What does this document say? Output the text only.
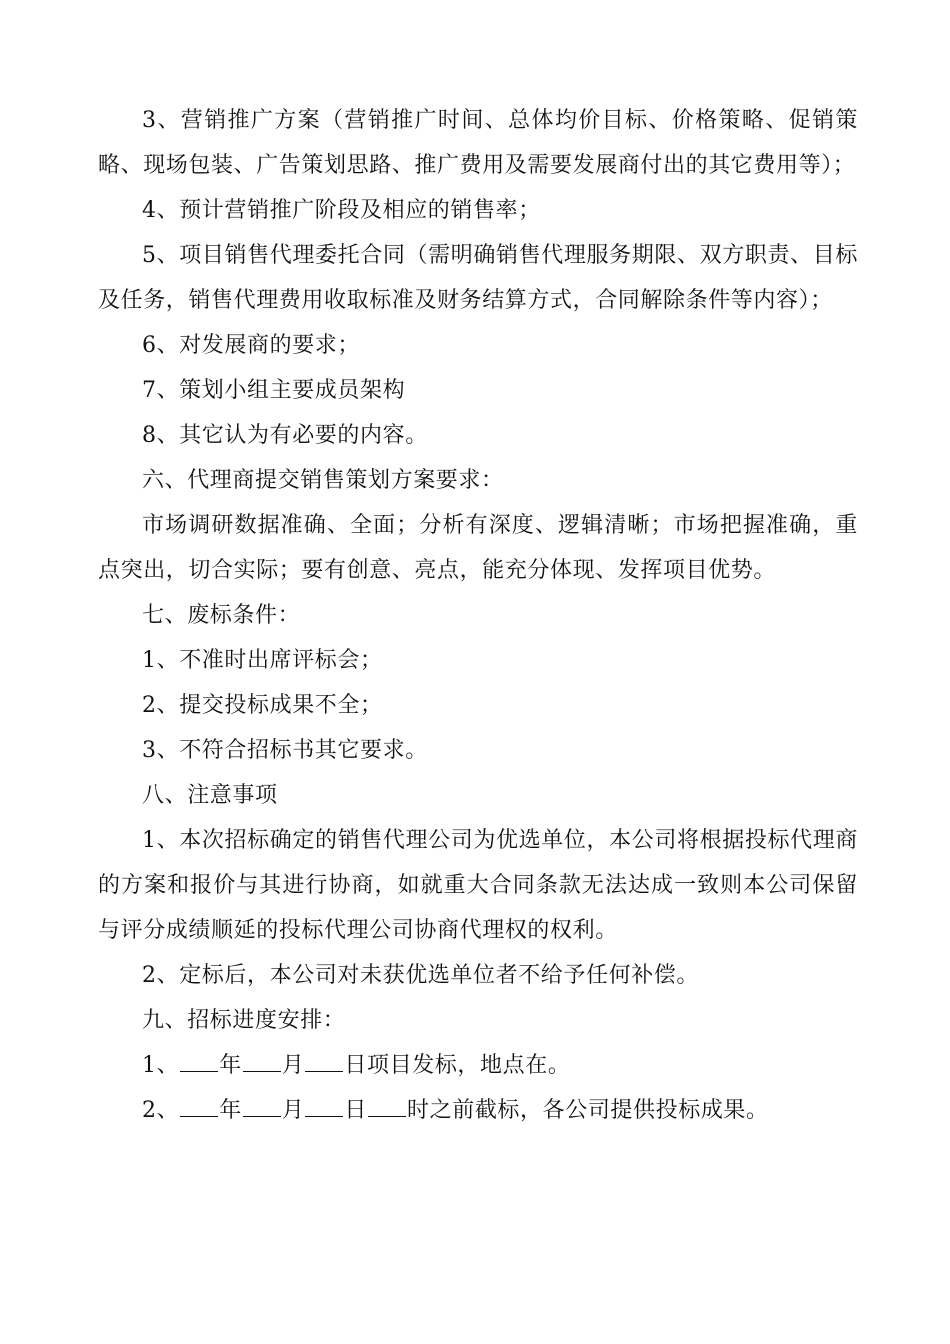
3、营销推广方案（营销推广时间、总体均价目标、价格策略、促销策略、现场包装、广告策划思路、推广费用及需要发展商付出的其它费用等）；

4、预计营销推广阶段及相应的销售率；

5、项目销售代理委托合同（需明确销售代理服务期限、双方职责、目标及任务，销售代理费用收取标准及财务结算方式，合同解除条件等内容）；

6、对发展商的要求；

7、策划小组主要成员架构

8、其它认为有必要的内容。

六、代理商提交销售策划方案要求：

市场调研数据准确、全面；分析有深度、逻辑清晰；市场把握准确，重点突出，切合实际；要有创意、亮点，能充分体现、发挥项目优势。

七、废标条件：

1、不准时出席评标会；

2、提交投标成果不全；

3、不符合招标书其它要求。

八、注意事项

1、本次招标确定的销售代理公司为优选单位，本公司将根据投标代理商的方案和报价与其进行协商，如就重大合同条款无法达成一致则本公司保留与评分成绩顺延的投标代理公司协商代理权的权利。

2、定标后，本公司对未获优选单位者不给予任何补偿。

九、招标进度安排：

1、 年 月 日项目发标，地点在。

2、 年 月 日 时之前截标，各公司提供投标成果。
